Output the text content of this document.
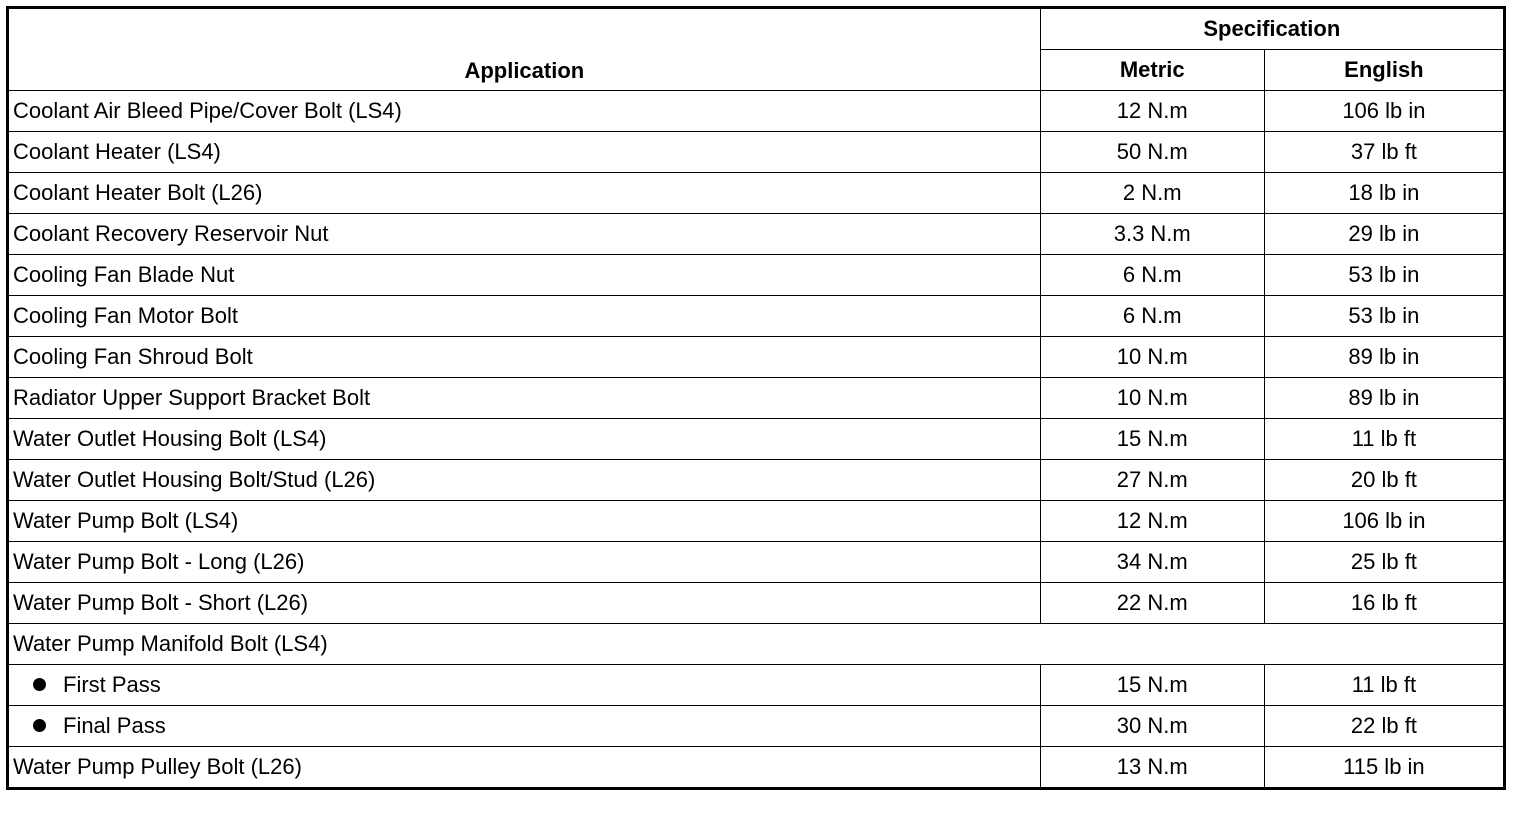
Application	Specification	
	Metric	English
Coolant Air Bleed Pipe/Cover Bolt (LS4)	12 N.m	106 lb in
Coolant Heater (LS4)	50 N.m	37 lb ft
Coolant Heater Bolt (L26)	2 N.m	18 lb in
Coolant Recovery Reservoir Nut	3.3 N.m	29 lb in
Cooling Fan Blade Nut	6 N.m	53 lb in
Cooling Fan Motor Bolt	6 N.m	53 lb in
Cooling Fan Shroud Bolt	10 N.m	89 lb in
Radiator Upper Support Bracket Bolt	10 N.m	89 lb in
Water Outlet Housing Bolt (LS4)	15 N.m	11 lb ft
Water Outlet Housing Bolt/Stud (L26)	27 N.m	20 lb ft
Water Pump Bolt (LS4)	12 N.m	106 lb in
Water Pump Bolt - Long (L26)	34 N.m	25 lb ft
Water Pump Bolt - Short (L26)	22 N.m	16 lb ft
Water Pump Manifold Bolt (LS4)		
First Pass	15 N.m	11 lb ft
Final Pass	30 N.m	22 lb ft
Water Pump Pulley Bolt (L26)	13 N.m	115 lb in
